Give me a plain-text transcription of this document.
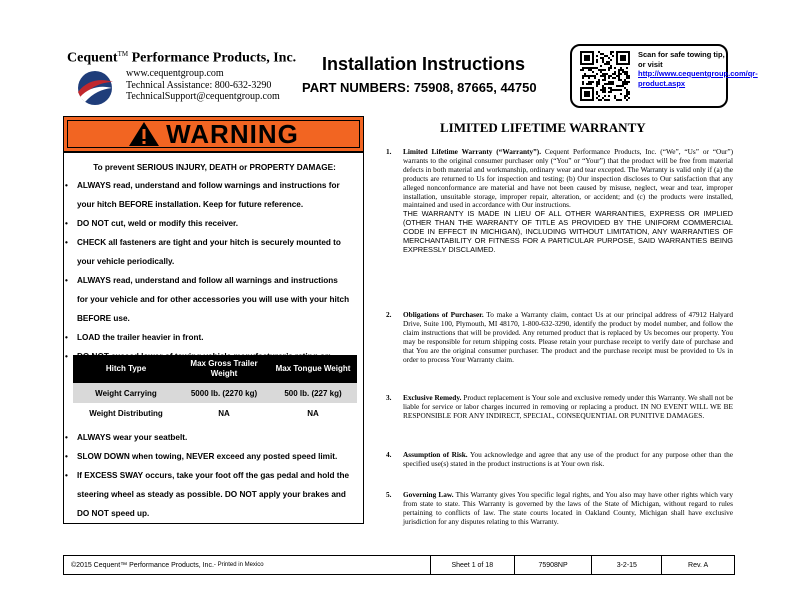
Cequent™ Performance Products, Inc.
www.cequentgroup.com
Technical Assistance: 800-632-3290
TechnicalSupport@cequentgroup.com
Installation Instructions
PART NUMBERS: 75908, 87665, 44750
Scan for safe towing tip, or visit
http://www.cequentgroup.com/qr-product.aspx
WARNING
To prevent SERIOUS INJURY, DEATH or PROPERTY DAMAGE:
• ALWAYS read, understand and follow warnings and instructions for
your hitch BEFORE installation. Keep for future reference.
• DO NOT cut, weld or modify this receiver.
• CHECK all fasteners are tight and your hitch is securely mounted to
your vehicle periodically.
• ALWAYS read, understand and follow all warnings and instructions
for your vehicle and for other accessories you will use with your hitch
BEFORE use.
• LOAD the trailer heavier in front.
•
Hitch Type	Max Gross Trailer Weight	Max Tongue Weight
Weight Carrying	5000 lb. (2270 kg)	500 lb. (227 kg)
Weight Distributing	NA	NA
• ALWAYS wear your seatbelt.
• SLOW DOWN when towing, NEVER exceed any posted speed limit.
• If EXCESS SWAY occurs, take your foot off the gas pedal and hold the
steering wheel as steady as possible. DO NOT apply your brakes and
DO NOT speed up.
LIMITED LIFETIME WARRANTY
1. Limited Lifetime Warranty (“Warranty”). Cequent Performance Products, Inc. (“We”, “Us” or “Our”) warrants to the original consumer purchaser only (“You” or “Your”) that the product will be free from material defects in both material and workmanship, ordinary wear and tear excepted. The Warranty is valid only if (a) the products are returned to Us for inspection and testing; (b) Our inspection discloses to Our satisfaction that any alleged nonconformance are material and have not been caused by misuse, neglect, wear and tear, improper installation, unsuitable storage, improper repair, alteration, or accident; and (c) the products were installed, maintained and used in accordance with Our instructions.
THE WARRANTY IS MADE IN LIEU OF ALL OTHER WARRANTIES, EXPRESS OR IMPLIED (OTHER THAN THE WARRANTY OF TITLE AS PROVIDED BY THE UNIFORM COMMERCIAL CODE IN EFFECT IN MICHIGAN), INCLUDING WITHOUT LIMITATION, ANY WARRANTIES OF MERCHANTABILITY OR FITNESS FOR A PARTICULAR PURPOSE, SAID WARRANTIES BEING EXPRESSLY DISCLAIMED.
2. Obligations of Purchaser. To make a Warranty claim, contact Us at our principal address of 47912 Halyard Drive, Suite 100, Plymouth, MI 48170, 1-800-632-3290, identify the product by model number, and follow the claim instructions that will be provided. Any returned product that is replaced by Us becomes our property. You may be responsible for return shipping costs. Please retain your purchase receipt to verify date of purchase and that You are the original consumer purchaser. The product and the purchase receipt must be provided to Us in order to process Your Warranty claim.
3. Exclusive Remedy. Product replacement is Your sole and exclusive remedy under this Warranty. We shall not be liable for service or labor charges incurred in removing or replacing a product. IN NO EVENT WILL WE BE RESPONSIBLE FOR ANY INDIRECT, SPECIAL, CONSEQUENTIAL OR PUNITIVE DAMAGES.
4. Assumption of Risk. You acknowledge and agree that any use of the product for any purpose other than the specified use(s) stated in the product instructions is at Your own risk.
5. Governing Law. This Warranty gives You specific legal rights, and You also may have other rights which vary from state to state. This Warranty is governed by the laws of the State of Michigan, without regard to rules pertaining to conflicts of law. The state courts located in Oakland County, Michigan shall have exclusive jurisdiction for any disputes relating to this Warranty.
©2015 Cequent™ Performance Products, Inc. - Printed in Mexico	Sheet 1 of 18	75908NP	3-2-15	Rev. A
